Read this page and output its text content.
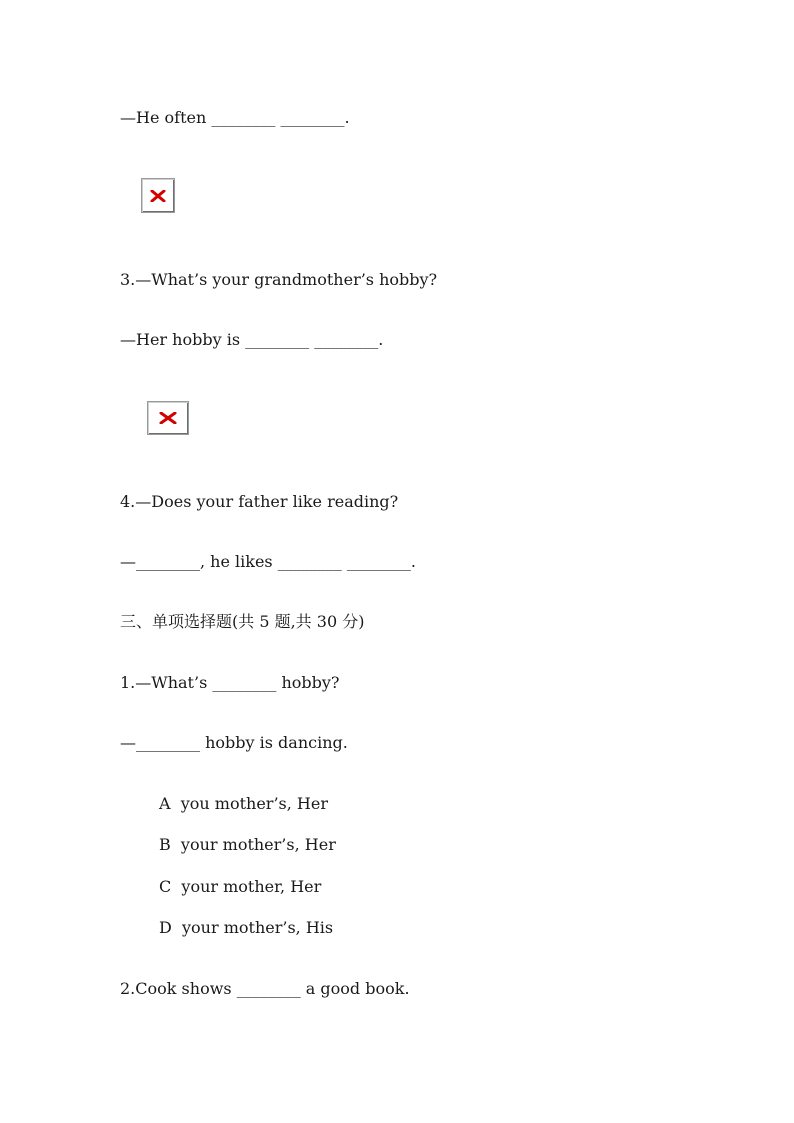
—He often ________ ________.
3.—What’s your grandmother’s hobby?
—Her hobby is ________ ________.
4.—Does your father like reading?
—________, he likes ________ ________.
三、单项选择题(共 5 题,共 30 分)
1.—What’s ________ hobby?
—________ hobby is dancing.
A  you mother’s, Her
B  your mother’s, Her
C  your mother, Her
D  your mother’s, His
2.Cook shows ________ a good book.
